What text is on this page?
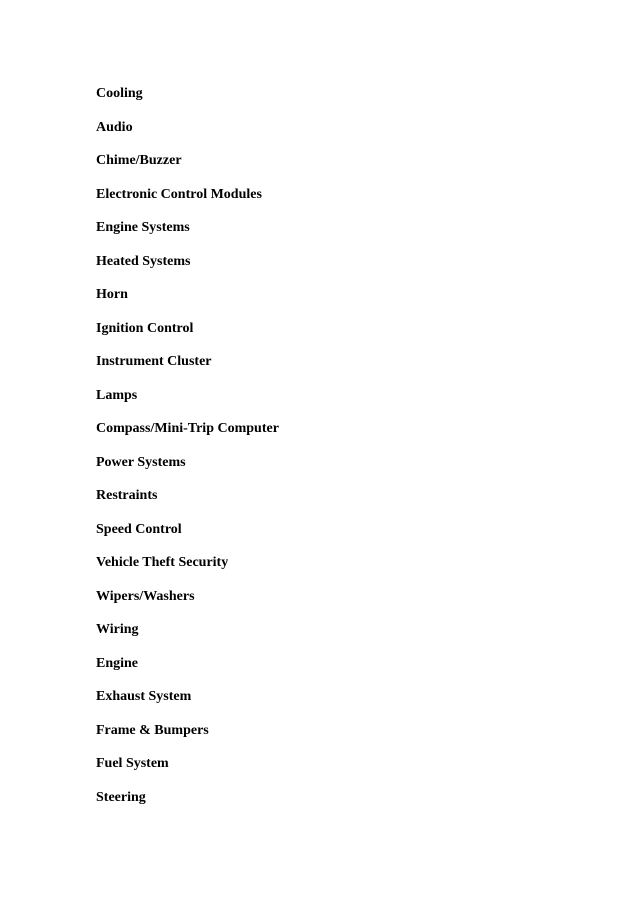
Cooling
Audio
Chime/Buzzer
Electronic Control Modules
Engine Systems
Heated Systems
Horn
Ignition Control
Instrument Cluster
Lamps
Compass/Mini-Trip Computer
Power Systems
Restraints
Speed Control
Vehicle Theft Security
Wipers/Washers
Wiring
Engine
Exhaust System
Frame & Bumpers
Fuel System
Steering
